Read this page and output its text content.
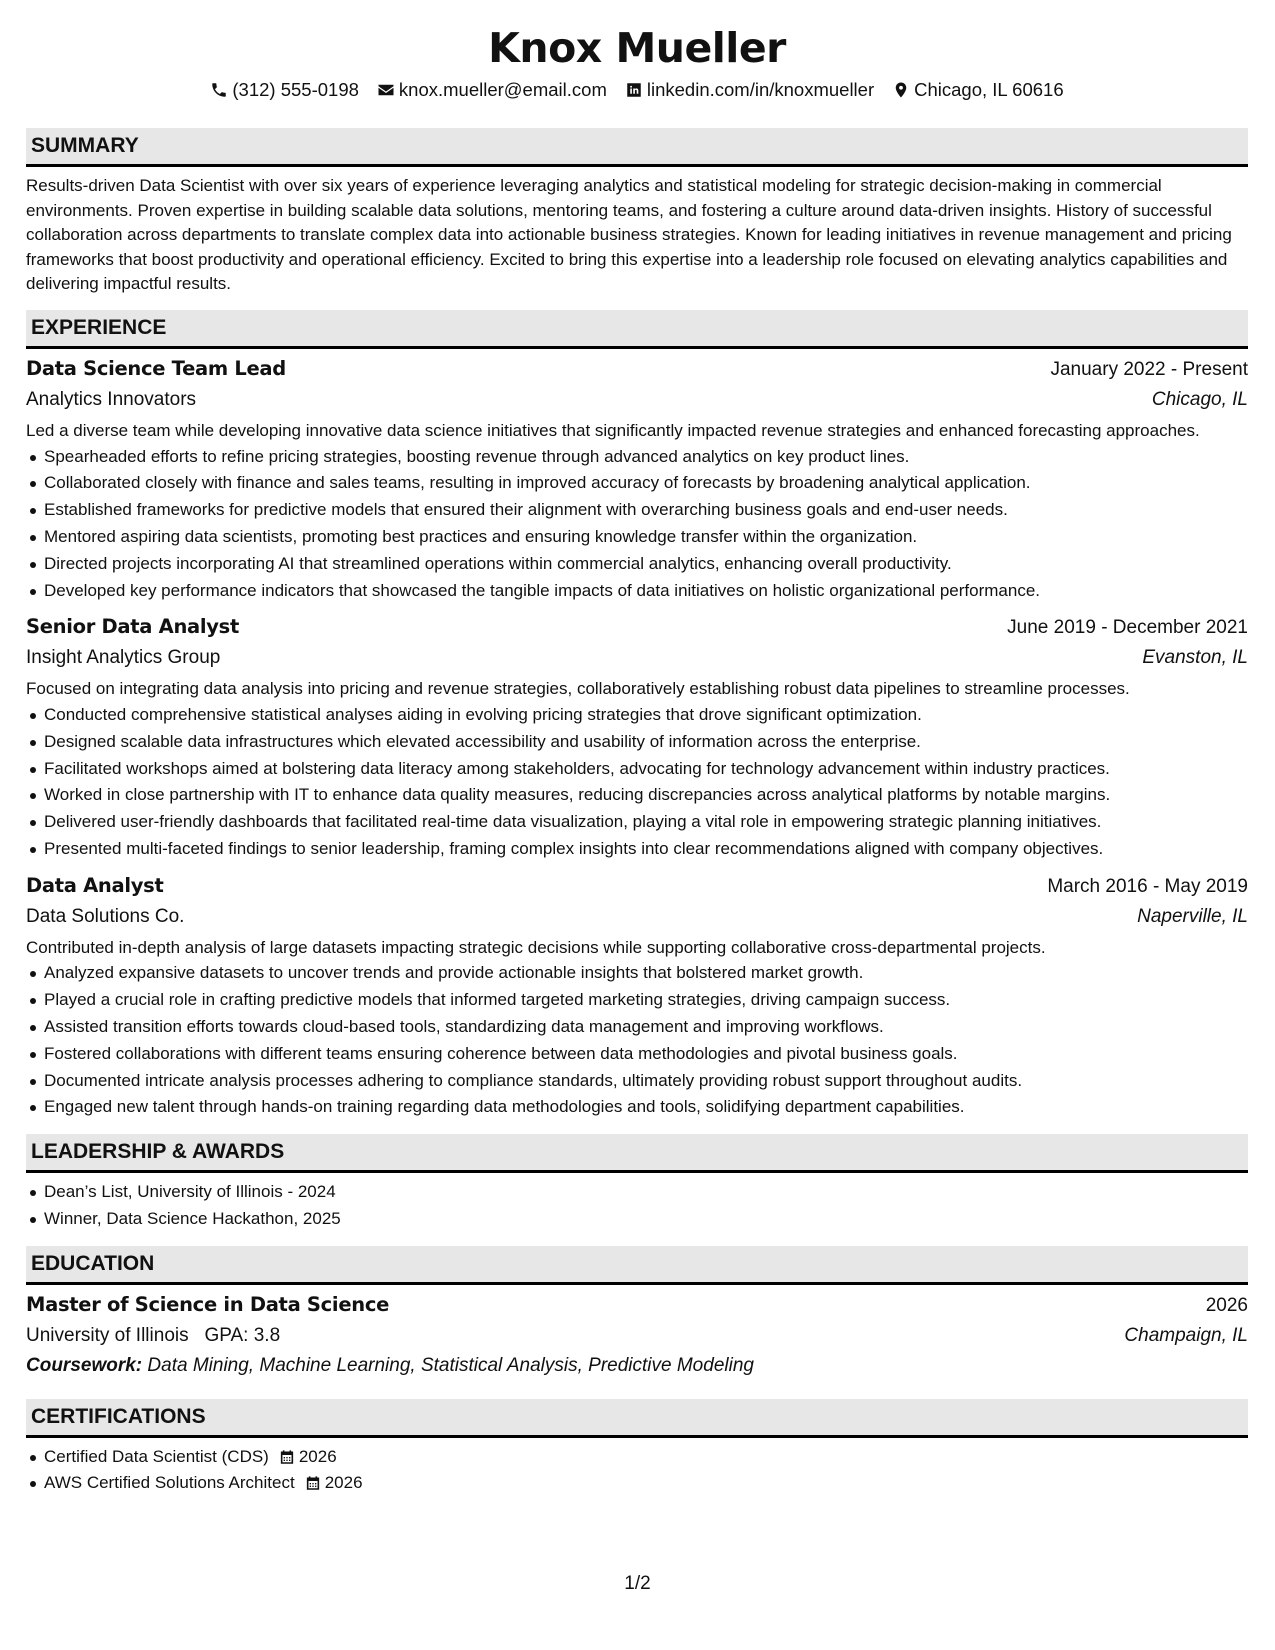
Knox Mueller
(312) 555-0198 knox.mueller@email.com linkedin.com/in/knoxmueller Chicago, IL 60616
SUMMARY
Results-driven Data Scientist with over six years of experience leveraging analytics and statistical modeling for strategic decision-making in commercial environments. Proven expertise in building scalable data solutions, mentoring teams, and fostering a culture around data-driven insights. History of successful collaboration across departments to translate complex data into actionable business strategies. Known for leading initiatives in revenue management and pricing frameworks that boost productivity and operational efficiency. Excited to bring this expertise into a leadership role focused on elevating analytics capabilities and delivering impactful results.
EXPERIENCE
Data Science Team Lead	January 2022 - Present
Analytics Innovators	Chicago, IL
Led a diverse team while developing innovative data science initiatives that significantly impacted revenue strategies and enhanced forecasting approaches.
Spearheaded efforts to refine pricing strategies, boosting revenue through advanced analytics on key product lines.
Collaborated closely with finance and sales teams, resulting in improved accuracy of forecasts by broadening analytical application.
Established frameworks for predictive models that ensured their alignment with overarching business goals and end-user needs.
Mentored aspiring data scientists, promoting best practices and ensuring knowledge transfer within the organization.
Directed projects incorporating AI that streamlined operations within commercial analytics, enhancing overall productivity.
Developed key performance indicators that showcased the tangible impacts of data initiatives on holistic organizational performance.
Senior Data Analyst	June 2019 - December 2021
Insight Analytics Group	Evanston, IL
Focused on integrating data analysis into pricing and revenue strategies, collaboratively establishing robust data pipelines to streamline processes.
Conducted comprehensive statistical analyses aiding in evolving pricing strategies that drove significant optimization.
Designed scalable data infrastructures which elevated accessibility and usability of information across the enterprise.
Facilitated workshops aimed at bolstering data literacy among stakeholders, advocating for technology advancement within industry practices.
Worked in close partnership with IT to enhance data quality measures, reducing discrepancies across analytical platforms by notable margins.
Delivered user-friendly dashboards that facilitated real-time data visualization, playing a vital role in empowering strategic planning initiatives.
Presented multi-faceted findings to senior leadership, framing complex insights into clear recommendations aligned with company objectives.
Data Analyst	March 2016 - May 2019
Data Solutions Co.	Naperville, IL
Contributed in-depth analysis of large datasets impacting strategic decisions while supporting collaborative cross-departmental projects.
Analyzed expansive datasets to uncover trends and provide actionable insights that bolstered market growth.
Played a crucial role in crafting predictive models that informed targeted marketing strategies, driving campaign success.
Assisted transition efforts towards cloud-based tools, standardizing data management and improving workflows.
Fostered collaborations with different teams ensuring coherence between data methodologies and pivotal business goals.
Documented intricate analysis processes adhering to compliance standards, ultimately providing robust support throughout audits.
Engaged new talent through hands-on training regarding data methodologies and tools, solidifying department capabilities.
LEADERSHIP & AWARDS
Dean’s List, University of Illinois - 2024
Winner, Data Science Hackathon, 2025
EDUCATION
Master of Science in Data Science	2026
University of Illinois GPA: 3.8	Champaign, IL
Coursework: Data Mining, Machine Learning, Statistical Analysis, Predictive Modeling
CERTIFICATIONS
Certified Data Scientist (CDS) 2026
AWS Certified Solutions Architect 2026
1/2
